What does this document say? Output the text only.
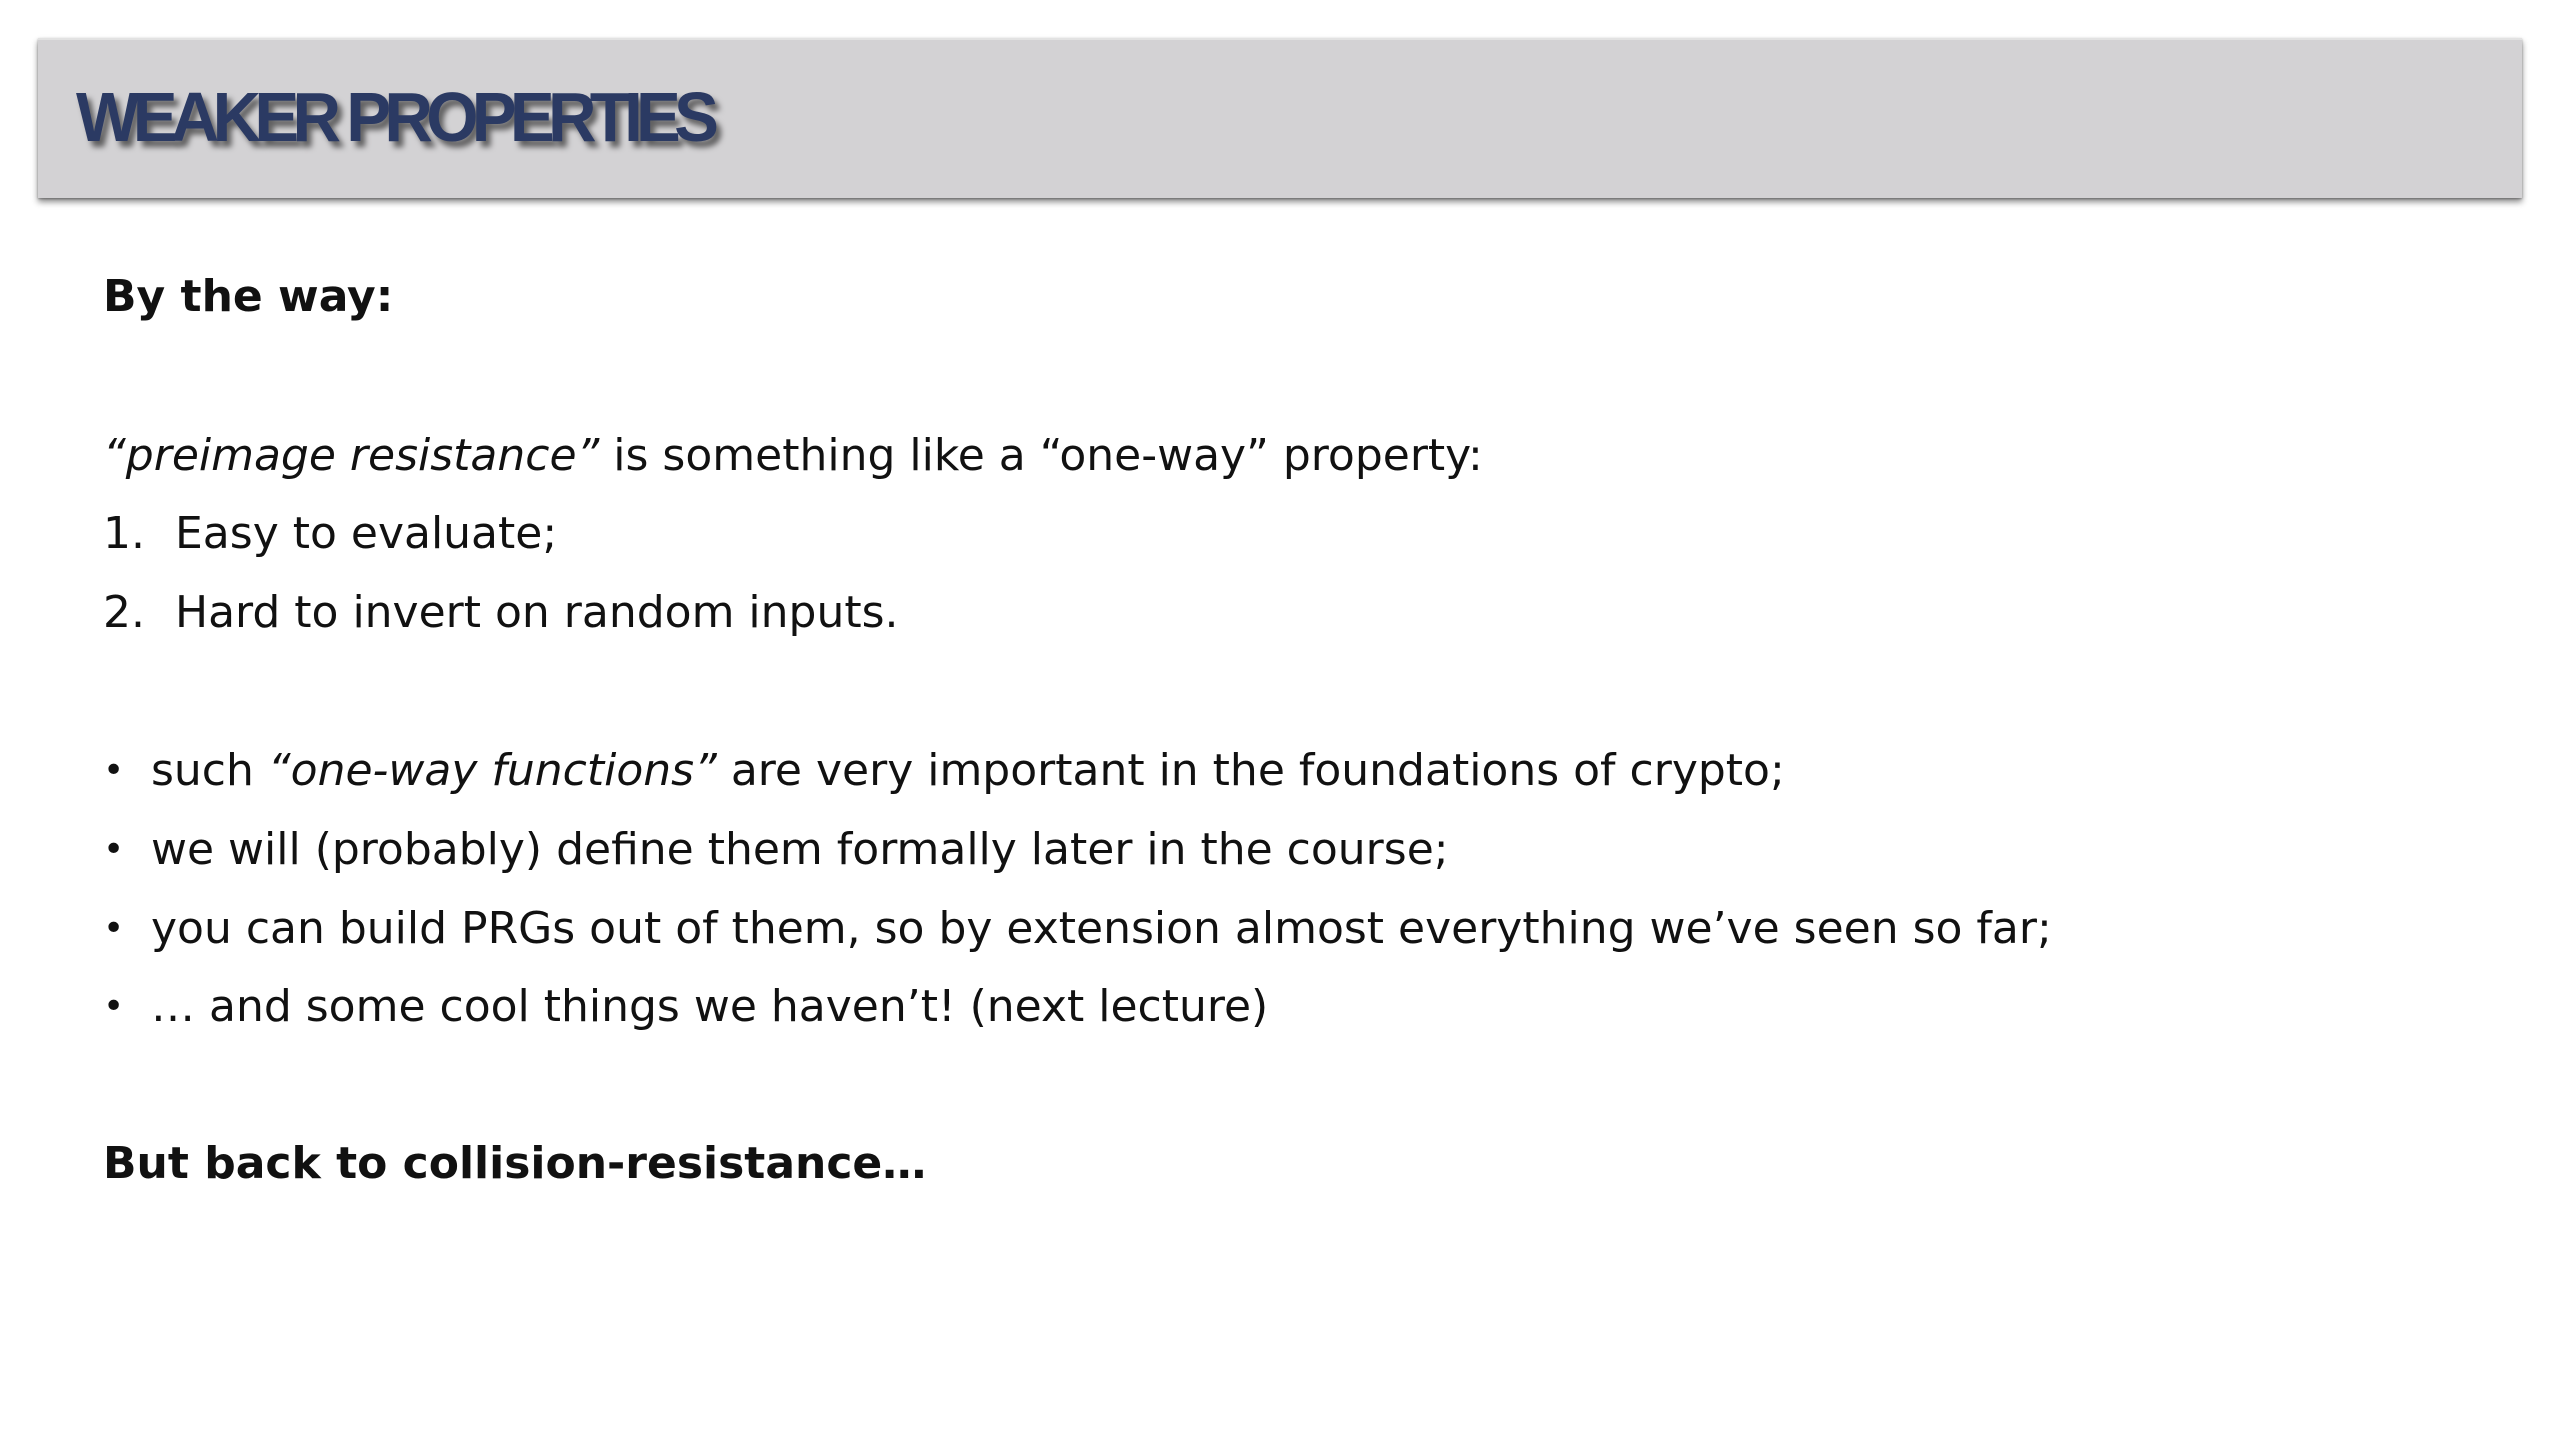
WEAKER PROPERTIES
By the way:
“preimage resistance” is something like a “one-way” property:
1. Easy to evaluate;
2. Hard to invert on random inputs.
• such “one-way functions” are very important in the foundations of crypto;
• we will (probably) define them formally later in the course;
• you can build PRGs out of them, so by extension almost everything we’ve seen so far;
• … and some cool things we haven’t! (next lecture)
But back to collision-resistance…
